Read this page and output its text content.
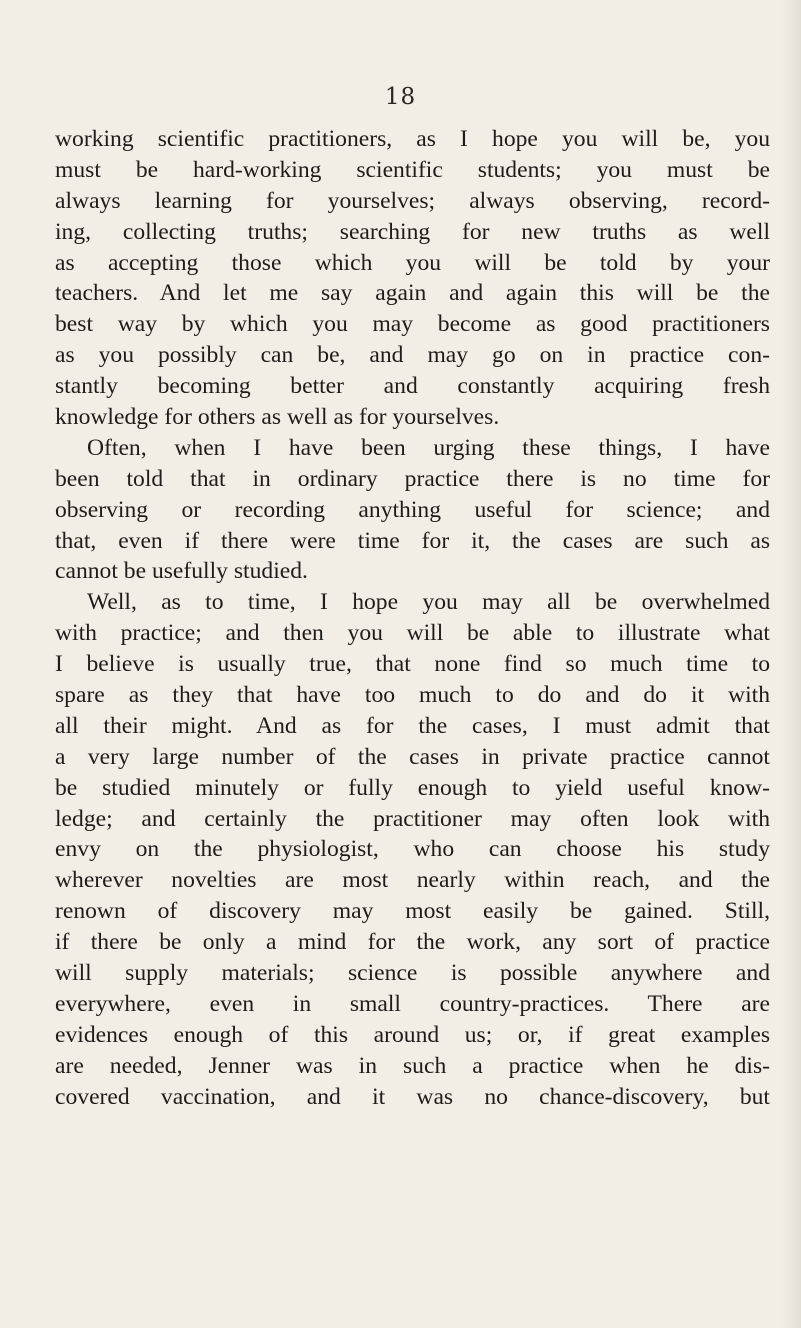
18
working scientific practitioners, as I hope you will be, you
must be hard-working scientific students; you must be
always learning for yourselves; always observing, record-
ing, collecting truths; searching for new truths as well
as accepting those which you will be told by your
teachers. And let me say again and again this will be the
best way by which you may become as good practitioners
as you possibly can be, and may go on in practice con-
stantly becoming better and constantly acquiring fresh
knowledge for others as well as for yourselves.
Often, when I have been urging these things, I have
been told that in ordinary practice there is no time for
observing or recording anything useful for science; and
that, even if there were time for it, the cases are such as
cannot be usefully studied.
Well, as to time, I hope you may all be overwhelmed
with practice; and then you will be able to illustrate what
I believe is usually true, that none find so much time to
spare as they that have too much to do and do it with
all their might. And as for the cases, I must admit that
a very large number of the cases in private practice cannot
be studied minutely or fully enough to yield useful know-
ledge; and certainly the practitioner may often look with
envy on the physiologist, who can choose his study
wherever novelties are most nearly within reach, and the
renown of discovery may most easily be gained. Still,
if there be only a mind for the work, any sort of practice
will supply materials; science is possible anywhere and
everywhere, even in small country-practices. There are
evidences enough of this around us; or, if great examples
are needed, Jenner was in such a practice when he dis-
covered vaccination, and it was no chance-discovery, but
